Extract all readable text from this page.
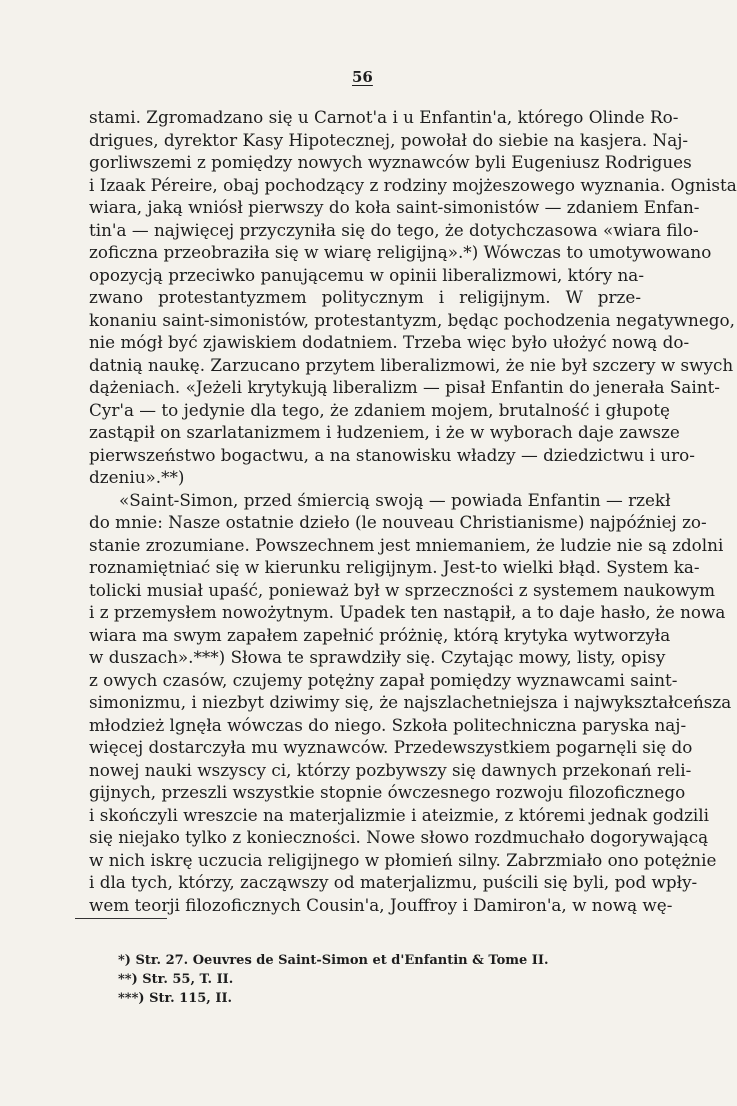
56
stami. Zgromadzano się u Carnot'a i u Enfantin'a, którego Olinde Ro-
drigues, dyrektor Kasy Hipotecznej, powołał do siebie na kasjera. Naj-
gorliwszemi z pomiędzy nowych wyznawców byli Eugeniusz Rodrigues
i Izaak Péreire, obaj pochodzący z rodziny mojżeszowego wyznania. Ognista
wiara, jaką wniósł pierwszy do koła saint-simonistów — zdaniem Enfan-
tin'a — najwięcej przyczyniła się do tego, że dotychczasowa «wiara filo-
zoficzna przeobraziła się w wiarę religijną».*) Wówczas to umotywowano
opozycją przeciwko panującemu w opinii liberalizmowi, który na-
zwano protestantyzmem politycznym i religijnym. W prze-
konaniu saint-simonistów, protestantyzm, będąc pochodzenia negatywnego,
nie mógł być zjawiskiem dodatniem. Trzeba więc było ułożyć nową do-
datnią naukę. Zarzucano przytem liberalizmowi, że nie był szczery w swych
dążeniach. «Jeżeli krytykują liberalizm — pisał Enfantin do jenerała Saint-
Cyr'a — to jedynie dla tego, że zdaniem mojem, brutalność i głupotę
zastąpił on szarlatanizmem i łudzeniem, i że w wyborach daje zawsze
pierwszeństwo bogactwu, a na stanowisku władzy — dziedzictwu i uro-
dzeniu».**)
«Saint-Simon, przed śmiercią swoją — powiada Enfantin — rzekł
do mnie: Nasze ostatnie dzieło (le nouveau Christianisme) najpóźniej zo-
stanie zrozumiane. Powszechnem jest mniemaniem, że ludzie nie są zdolni
roznamiętniać się w kierunku religijnym. Jest-to wielki błąd. System ka-
tolicki musiał upaść, ponieważ był w sprzeczności z systemem naukowym
i z przemysłem nowożytnym. Upadek ten nastąpił, a to daje hasło, że nowa
wiara ma swym zapałem zapełnić próżnię, którą krytyka wytworzyła
w duszach».***) Słowa te sprawdziły się. Czytając mowy, listy, opisy
z owych czasów, czujemy potężny zapał pomiędzy wyznawcami saint-
simonizmu, i niezbyt dziwimy się, że najszlachetniejsza i najwykształceńsza
młodzież lgnęła wówczas do niego. Szkoła politechniczna paryska naj-
więcej dostarczyła mu wyznawców. Przedewszystkiem pogarnęli się do
nowej nauki wszyscy ci, którzy pozbywszy się dawnych przekonań reli-
gijnych, przeszli wszystkie stopnie ówczesnego rozwoju filozoficznego
i skończyli wreszcie na materjalizmie i ateizmie, z któremi jednak godzili
się niejako tylko z konieczności. Nowe słowo rozdmuchało dogorywającą
w nich iskrę uczucia religijnego w płomień silny. Zabrzmiało ono potężnie
i dla tych, którzy, zacząwszy od materjalizmu, puścili się byli, pod wpły-
wem teorji filozoficznych Cousin'a, Jouffroy i Damiron'a, w nową wę-
*) Str. 27. Oeuvres de Saint-Simon et d'Enfantin & Tome II.
**) Str. 55, T. II.
***) Str. 115, II.
